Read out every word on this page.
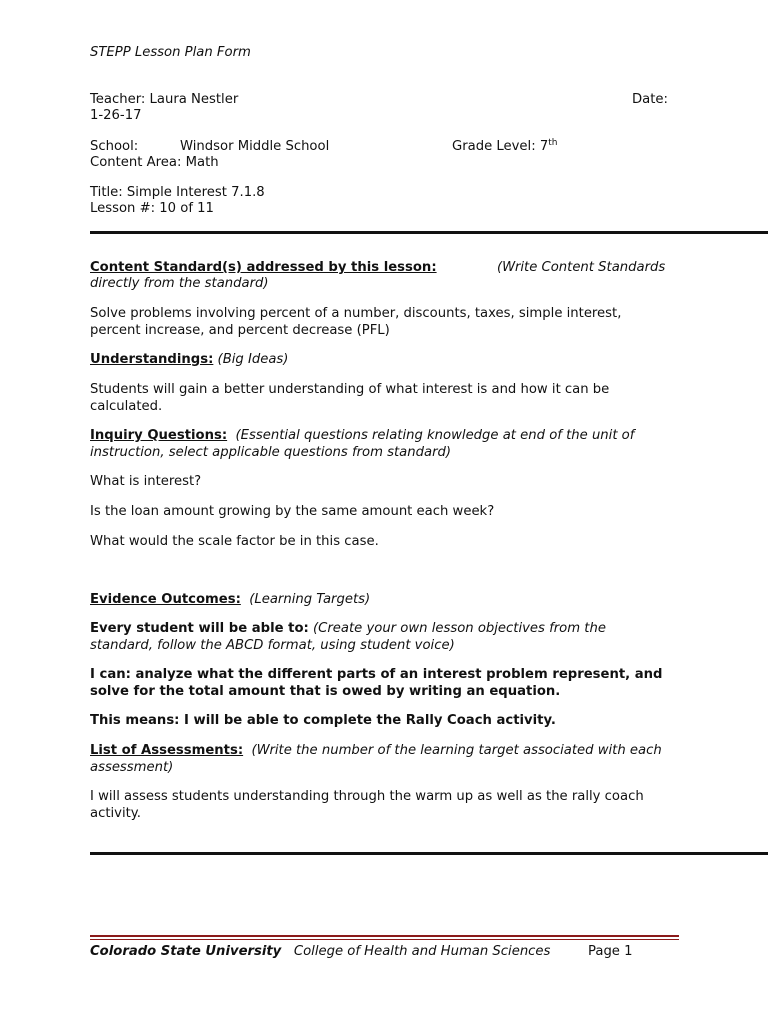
STEPP Lesson Plan Form
Teacher: Laura Nestler	Date:
1-26-17
School:	Windsor Middle School	Grade Level: 7th
Content Area: Math
Title: Simple Interest 7.1.8
Lesson #: 10 of 11
Content Standard(s) addressed by this lesson:	(Write Content Standards
directly from the standard)
Solve problems involving percent of a number, discounts, taxes, simple interest, percent increase, and percent decrease (PFL)
Understandings: (Big Ideas)
Students will gain a better understanding of what interest is and how it can be calculated.
Inquiry Questions: (Essential questions relating knowledge at end of the unit of instruction, select applicable questions from standard)
What is interest?
Is the loan amount growing by the same amount each week?
What would the scale factor be in this case.
Evidence Outcomes: (Learning Targets)
Every student will be able to: (Create your own lesson objectives from the standard, follow the ABCD format, using student voice)
I can: analyze what the different parts of an interest problem represent, and solve for the total amount that is owed by writing an equation.
This means: I will be able to complete the Rally Coach activity.
List of Assessments: (Write the number of the learning target associated with each assessment)
I will assess students understanding through the warm up as well as the rally coach activity.
Colorado State University College of Health and Human Sciences	Page 1
